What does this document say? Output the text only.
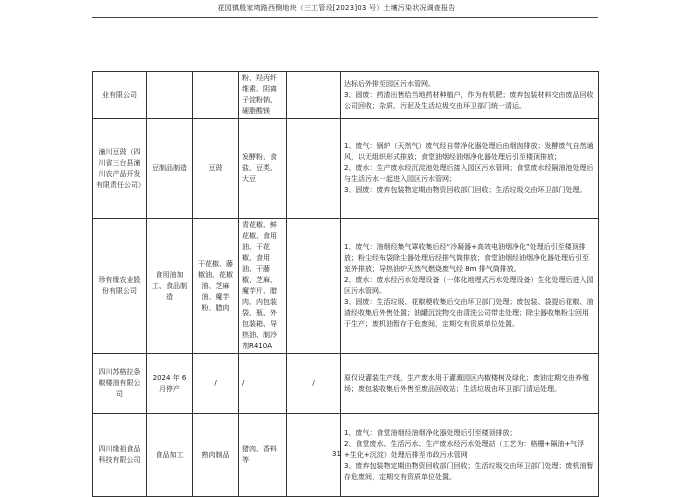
花园镇殷家塆路西侧地块（三工管设[2023]03 号）土壤污染状况调查报告
业有限公司			粉、羟丙纤维素、阴离子淀粉钠、硬脂酸镁		达标后外排至园区污水管网。
3、固废：药渣出售给当地药材种植户，作为有机肥；废弃包装材料交由废品回收公司回收；杂质、污泥及生活垃圾交由环卫部门统一清运。

潼川豆豉（四川省三台县潼川农产品开发有限责任公司）	豆制品制造	豆豉	发酵粉、食盐、豆类、大豆		1、废气：锅炉（天然气）废气经自带净化器处理后由烟囱排放；发酵废气自然通风，以无组织形式排放；食堂油烟经油烟净化器处理后引至楼顶排放；
2、废水：生产废水经沉淀池处理后接入园区污水管网；食堂废水经隔油池处理后与生活污水一起进入园区污水管网；
3、固废：废弃包装物定期由物资回收部门回收；生活垃圾交由环卫部门处理。

珍有缘农业股份有限公司	食用油加工、食品制造	干花椒、藤椒油、花椒油、芝麻油、魔芋粉、腊肉	青花椒、鲜花椒、食用油、干花椒、食用油、干藤椒、芝麻、魔芋片、腊肉、内包装袋、瓶、外包装箱、导热油、制冷剂R410A		1、废气：油烟经集气罩收集后经“冷凝器+高效电油烟净化”处理后引至楼顶排放；粉尘经布袋除尘器处理后经排气筒排放；食堂油烟经油烟净化器处理后引至室外排放；导热油炉天然气燃烧废气经 8m 排气筒排放。
2、废水：废水经污水处理设备（一体化地埋式污水处理设备）生化处理后进入园区污水管网。
3、固废：生活垃圾、花椒梗收集后交由环卫部门处理；废包装、袋提后花椒、油渣经收集后外售处置；油罐沉淀物交由清洗公司带走处理；除尘器收集粉尘回用于生产；废机油暂存于危废间，定期交有资质单位处置。

四川苏格拉条椒楼油有限公司	2024 年 6 月停产	/	/	/	原仅设灌装生产线，生产废水用于灌溉园区内椒楼树及绿化；废油定期交由养殖场；废包装收集后外售至废品回收站；生活垃圾由环卫部门清运处理。

四川缘祖食品科技有限公司	食品加工	熟肉制品	猪肉、香料等		1、废气：食堂油烟经油烟净化器处理后引至楼顶排放；
2、食堂废水、生活污水、生产废水经污水处理站（工艺为：格栅+隔油+气浮+生化+沉淀）处理后排至市政污水管网
3、废弃包装物定期由物资回收部门回收；生活垃圾交由环卫部门处理；废机油暂存危废间，定期交有资质单位处置。
31
